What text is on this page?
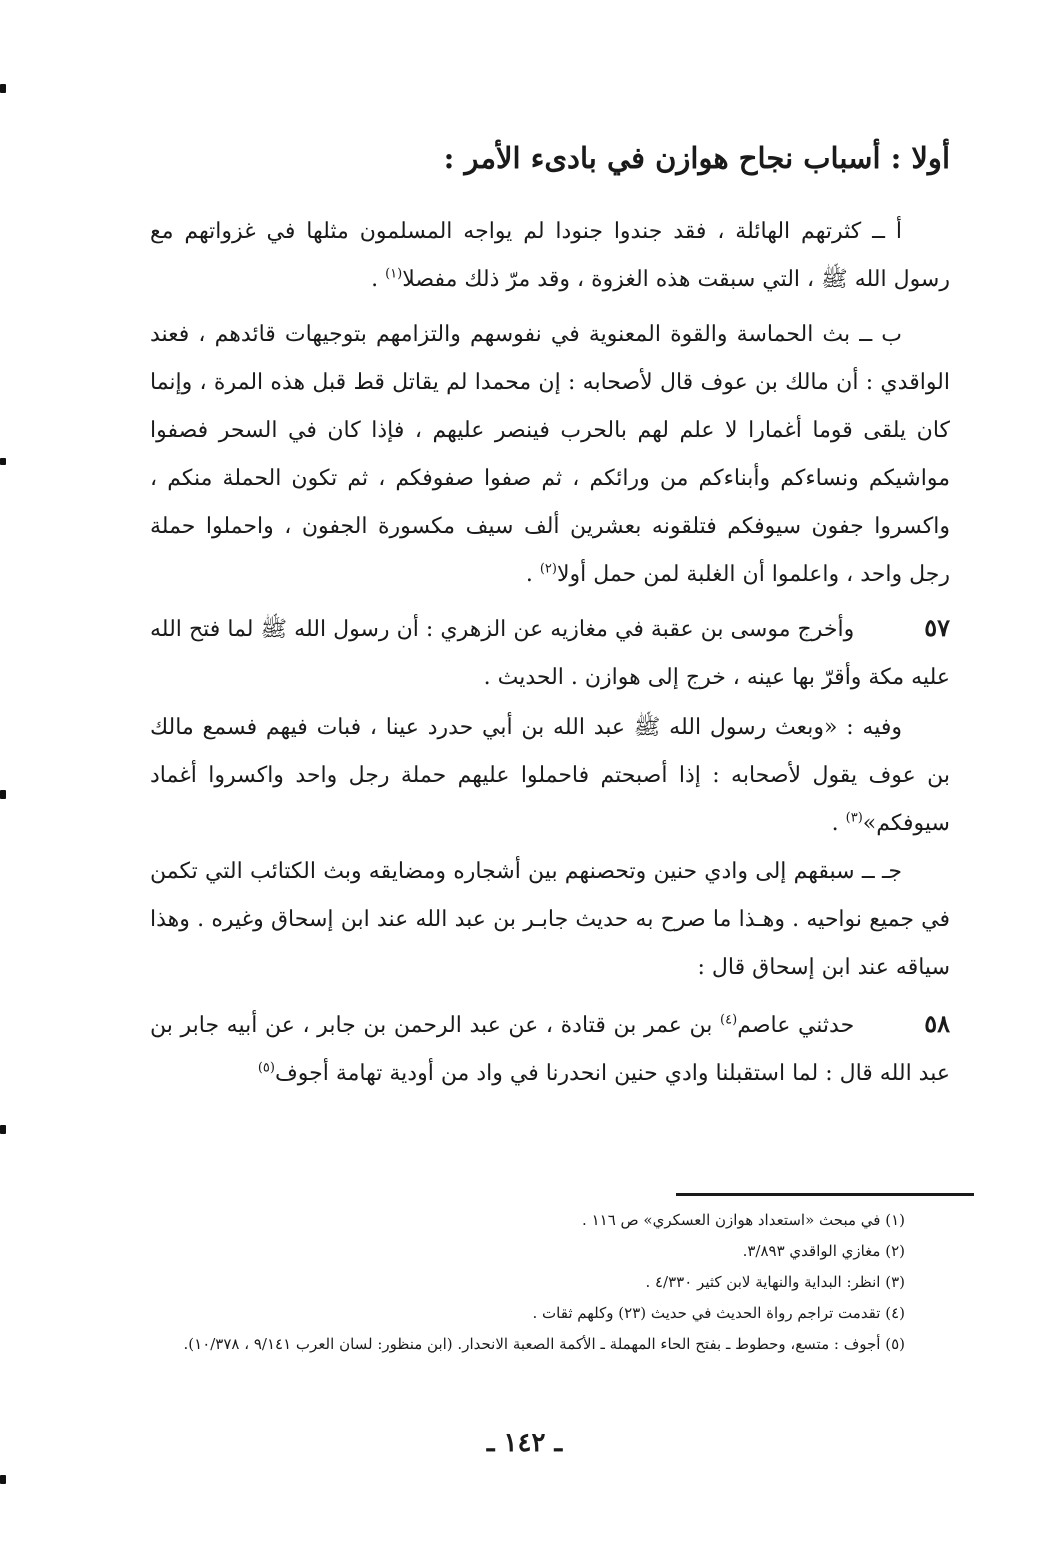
أولا : أسباب نجاح هوازن في بادىء الأمر :

أ ــ كثرتهم الهائلة ، فقد جندوا جنودا لم يواجه المسلمون مثلها في غزواتهم مع رسول الله ﷺ ، التي سبقت هذه الغزوة ، وقد مرّ ذلك مفصلا$^{(١)}$ .

ب ــ بث الحماسة والقوة المعنوية في نفوسهم والتزامهم بتوجيهات قائدهم ، فعند الواقدي : أن مالك بن عوف قال لأصحابه : إن محمدا لم يقاتل قط قبل هذه المرة ، وإنما كان يلقى قوما أغمارا لا علم لهم بالحرب فينصر عليهم ، فإذا كان في السحر فصفوا مواشيكم ونساءكم وأبناءكم من ورائكم ، ثم صفوا صفوفكم ، ثم تكون الحملة منكم ، واكسروا جفون سيوفكم فتلقونه بعشرين ألف سيف مكسورة الجفون ، واحملوا حملة رجل واحد ، واعلموا أن الغلبة لمن حمل أولا$^{(٢)}$ .

٥٧وأخرج موسى بن عقبة في مغازيه عن الزهري : أن رسول الله ﷺ لما فتح الله عليه مكة وأقرّ بها عينه ، خرج إلى هوازن . الحديث .

وفيه : «وبعث رسول الله ﷺ عبد الله بن أبي حدرد عينا ، فبات فيهم فسمع مالك بن عوف يقول لأصحابه : إذا أصبحتم فاحملوا عليهم حملة رجل واحد واكسروا أغماد سيوفكم»$^{(٣)}$ .

جـ ــ سبقهم إلى وادي حنين وتحصنهم بين أشجاره ومضايقه وبث الكتائب التي تكمن في جميع نواحيه . وهـذا ما صرح به حديث جابـر بن عبد الله عند ابن إسحاق وغيره . وهذا سياقه عند ابن إسحاق قال :

٥٨حدثني عاصم$^{(٤)}$ بن عمر بن قتادة ، عن عبد الرحمن بن جابر ، عن أبيه جابر بن عبد الله قال : لما استقبلنا وادي حنين انحدرنا في واد من أودية تهامة أجوف$^{(٥)}$

(١) في مبحث «استعداد هوازن العسكري» ص ١١٦ .

(٢) مغازي الواقدي ٣/٨٩٣.

(٣) انظر: البداية والنهاية لابن كثير ٤/٣٣٠ .

(٤) تقدمت تراجم رواة الحديث في حديث (٢٣) وكلهم ثقات .

(٥) أجوف : متسع، وحطوط ـ بفتح الحاء المهملة ـ الأكمة الصعبة الانحدار. (ابن منظور: لسان العرب ٩/١٤١ ، ١٠/٣٧٨).

ـ ١٤٢ ـ
